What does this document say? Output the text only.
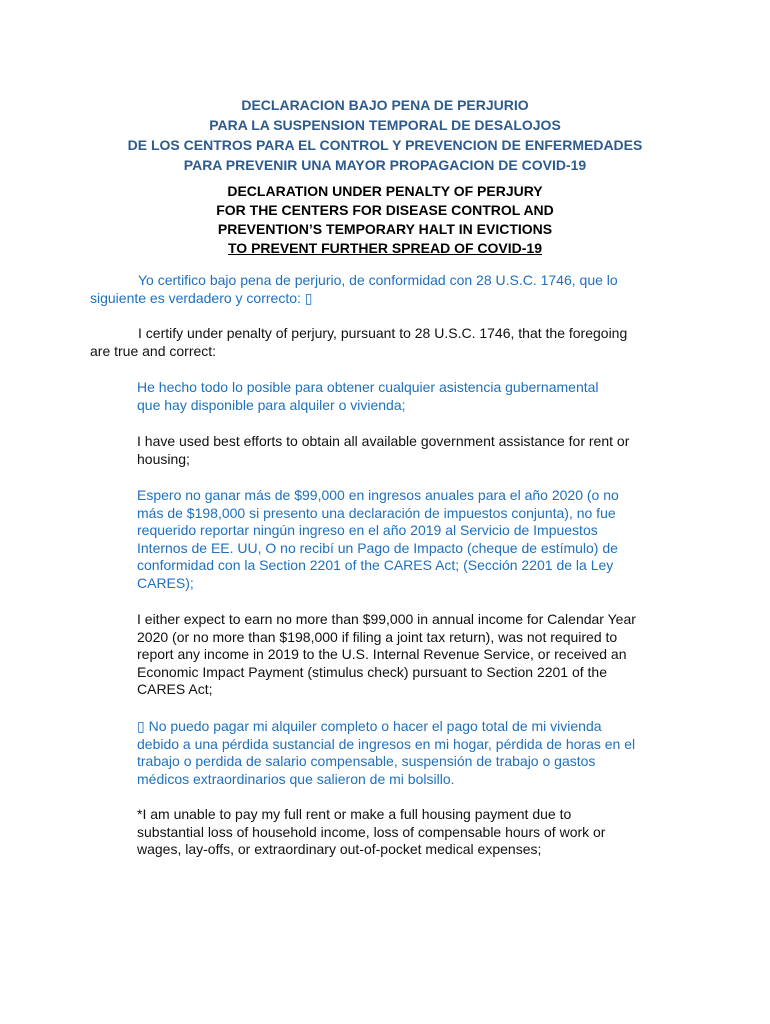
DECLARACION BAJO PENA DE PERJURIO
PARA LA SUSPENSION TEMPORAL DE DESALOJOS
DE LOS CENTROS PARA EL CONTROL Y PREVENCION DE ENFERMEDADES
PARA PREVENIR UNA MAYOR PROPAGACION DE COVID-19
DECLARATION UNDER PENALTY OF PERJURY
FOR THE CENTERS FOR DISEASE CONTROL AND
PREVENTION’S TEMPORARY HALT IN EVICTIONS
TO PREVENT FURTHER SPREAD OF COVID-19
Yo certifico bajo pena de perjurio, de conformidad con 28 U.S.C. 1746, que lo
siguiente es verdadero y correcto: ▯
I certify under penalty of perjury, pursuant to 28 U.S.C. 1746, that the foregoing
are true and correct:
He hecho todo lo posible para obtener cualquier asistencia gubernamental
que hay disponible para alquiler o vivienda;
I have used best efforts to obtain all available government assistance for rent or
housing;
Espero no ganar más de $99,000 en ingresos anuales para el año 2020 (o no
más de $198,000 si presento una declaración de impuestos conjunta), no fue
requerido reportar ningún ingreso en el año 2019 al Servicio de Impuestos
Internos de EE. UU, O no recibí un Pago de Impacto (cheque de estímulo) de
conformidad con la Section 2201 of the CARES Act; (Sección 2201 de la Ley
CARES);
I either expect to earn no more than $99,000 in annual income for Calendar Year
2020 (or no more than $198,000 if filing a joint tax return), was not required to
report any income in 2019 to the U.S. Internal Revenue Service, or received an
Economic Impact Payment (stimulus check) pursuant to Section 2201 of the
CARES Act;
▯ No puedo pagar mi alquiler completo o hacer el pago total de mi vivienda
debido a una pérdida sustancial de ingresos en mi hogar, pérdida de horas en el
trabajo o perdida de salario compensable, suspensión de trabajo o gastos
médicos extraordinarios que salieron de mi bolsillo.
*I am unable to pay my full rent or make a full housing payment due to
substantial loss of household income, loss of compensable hours of work or
wages, lay-offs, or extraordinary out-of-pocket medical expenses;
